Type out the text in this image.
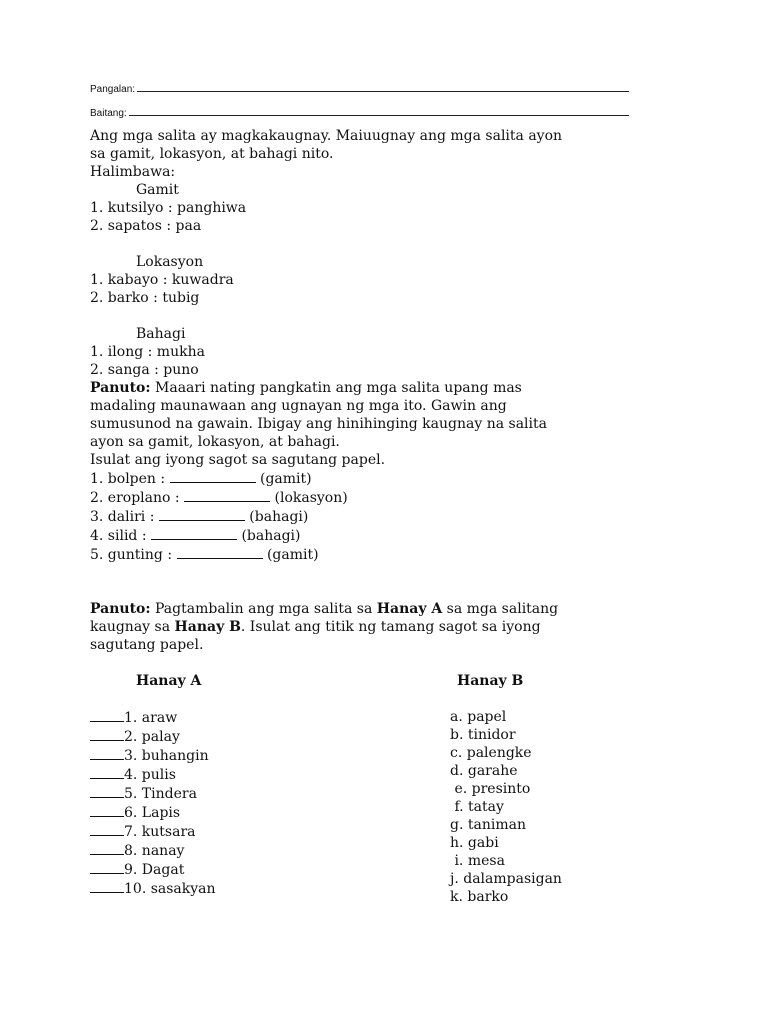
Pangalan:
Baitang:

Ang mga salita ay magkakaugnay. Maiuugnay ang mga salita ayon

sa gamit, lokasyon, at bahagi nito.

Halimbawa:

Gamit

1. kutsilyo : panghiwa

2. sapatos : paa

Lokasyon

1. kabayo : kuwadra

2. barko : tubig

Bahagi

1. ilong : mukha

2. sanga : puno

Panuto: Maaari nating pangkatin ang mga salita upang mas

madaling maunawaan ang ugnayan ng mga ito. Gawin ang

sumusunod na gawain. Ibigay ang hinihinging kaugnay na salita

ayon sa gamit, lokasyon, at bahagi.

Isulat ang iyong sagot sa sagutang papel.

1. bolpen :	(gamit)

2. eroplano :	(lokasyon)

3. daliri :	(bahagi)

4. silid :	(bahagi)

5. gunting :	(gamit)

Panuto: Pagtambalin ang mga salita sa Hanay A sa mga salitang

kaugnay sa Hanay B. Isulat ang titik ng tamang sagot sa iyong

sagutang papel.

Hanay A

1. araw

2. palay

3. buhangin

4. pulis

5. Tindera

6. Lapis

7. kutsara

8. nanay

9. Dagat

10. sasakyan

Hanay B

a. papel

b. tinidor

c. palengke

d. garahe

e. presinto

f. tatay

g. taniman

h. gabi

i. mesa

j. dalampasigan

k. barko
